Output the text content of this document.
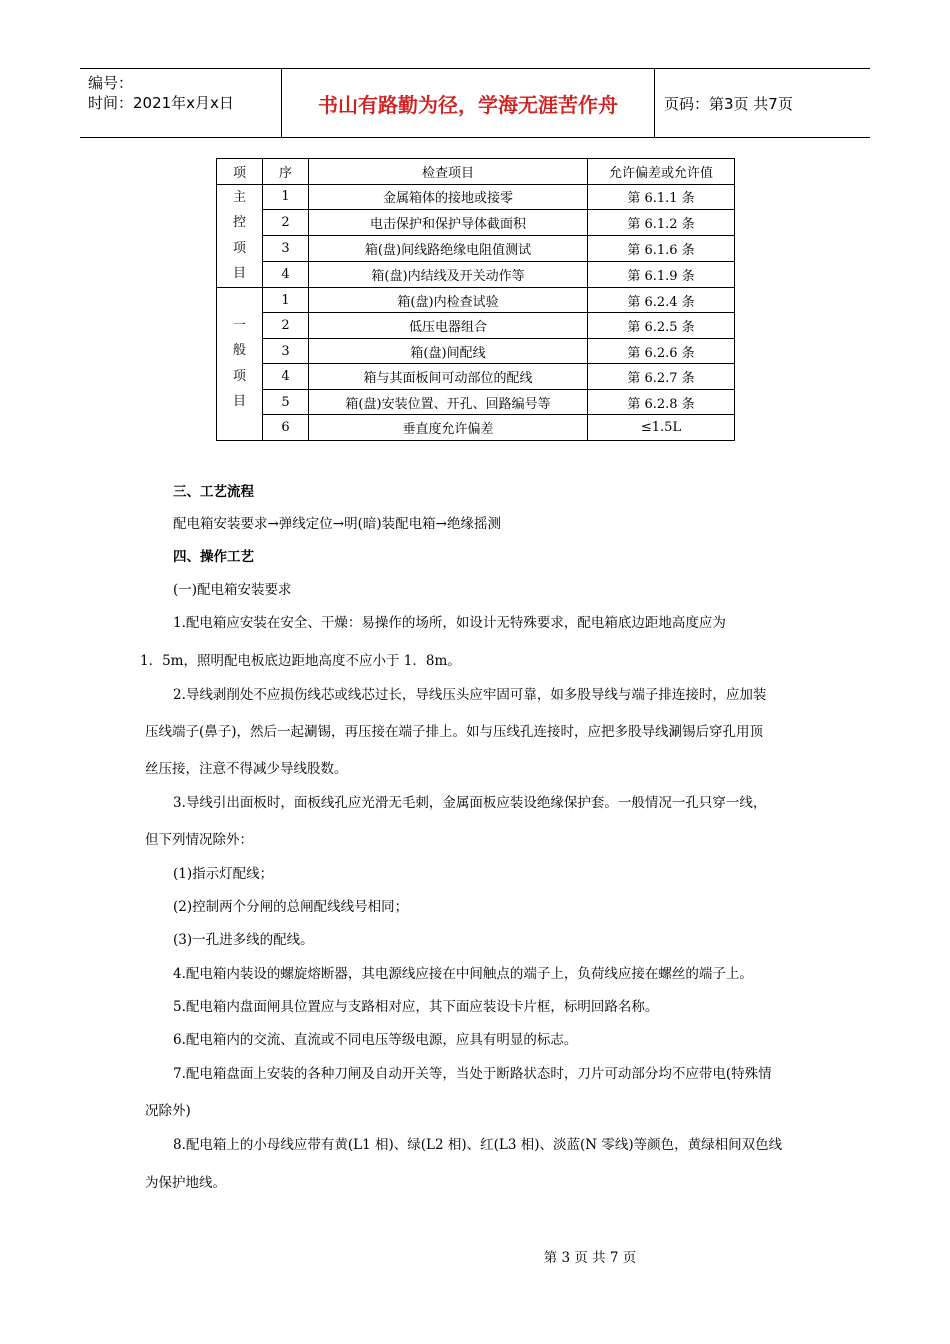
编号：
时间：2021年x月x日	书山有路勤为径，学海无涯苦作舟	页码：第3页 共7页
项	序	检查项目	允许偏差或允许值
主
控
项
目	1	金属箱体的接地或接零	第 6.1.1 条
	2	电击保护和保护导体截面积	第 6.1.2 条
	3	箱(盘)间线路绝缘电阻值测试	第 6.1.6 条
	4	箱(盘)内结线及开关动作等	第 6.1.9 条
一
般
项
目	1	箱(盘)内检查试验	第 6.2.4 条
	2	低压电器组合	第 6.2.5 条
	3	箱(盘)间配线	第 6.2.6 条
	4	箱与其面板间可动部位的配线	第 6.2.7 条
	5	箱(盘)安装位置、开孔、回路编号等	第 6.2.8 条
	6	垂直度允许偏差	≤1.5L

三、工艺流程

配电箱安装要求→弹线定位→明(暗)装配电箱→绝缘摇测

四、操作工艺

(一)配电箱安装要求

1.配电箱应安装在安全、干燥：易操作的场所，如设计无特殊要求，配电箱底边距地高度应为

1．5m，照明配电板底边距地高度不应小于 1．8m。

2.导线剥削处不应损伤线芯或线芯过长，导线压头应牢固可靠，如多股导线与端子排连接时，应加装

压线端子(鼻子)，然后一起涮锡，再压接在端子排上。如与压线孔连接时，应把多股导线涮锡后穿孔用顶

丝压接，注意不得减少导线股数。

3.导线引出面板时，面板线孔应光滑无毛刺，金属面板应装设绝缘保护套。一般情况一孔只穿一线，

但下列情况除外：

(1)指示灯配线；

(2)控制两个分闸的总闸配线线号相同；

(3)一孔进多线的配线。

4.配电箱内装设的螺旋熔断器，其电源线应接在中间触点的端子上，负荷线应接在螺丝的端子上。

5.配电箱内盘面闸具位置应与支路相对应，其下面应装设卡片框，标明回路名称。

6.配电箱内的交流、直流或不同电压等级电源，应具有明显的标志。

7.配电箱盘面上安装的各种刀闸及自动开关等，当处于断路状态时，刀片可动部分均不应带电(特殊情

况除外)

8.配电箱上的小母线应带有黄(L1 相)、绿(L2 相)、红(L3 相)、淡蓝(N 零线)等颜色，黄绿相间双色线

为保护地线。

第 3 页 共 7 页
